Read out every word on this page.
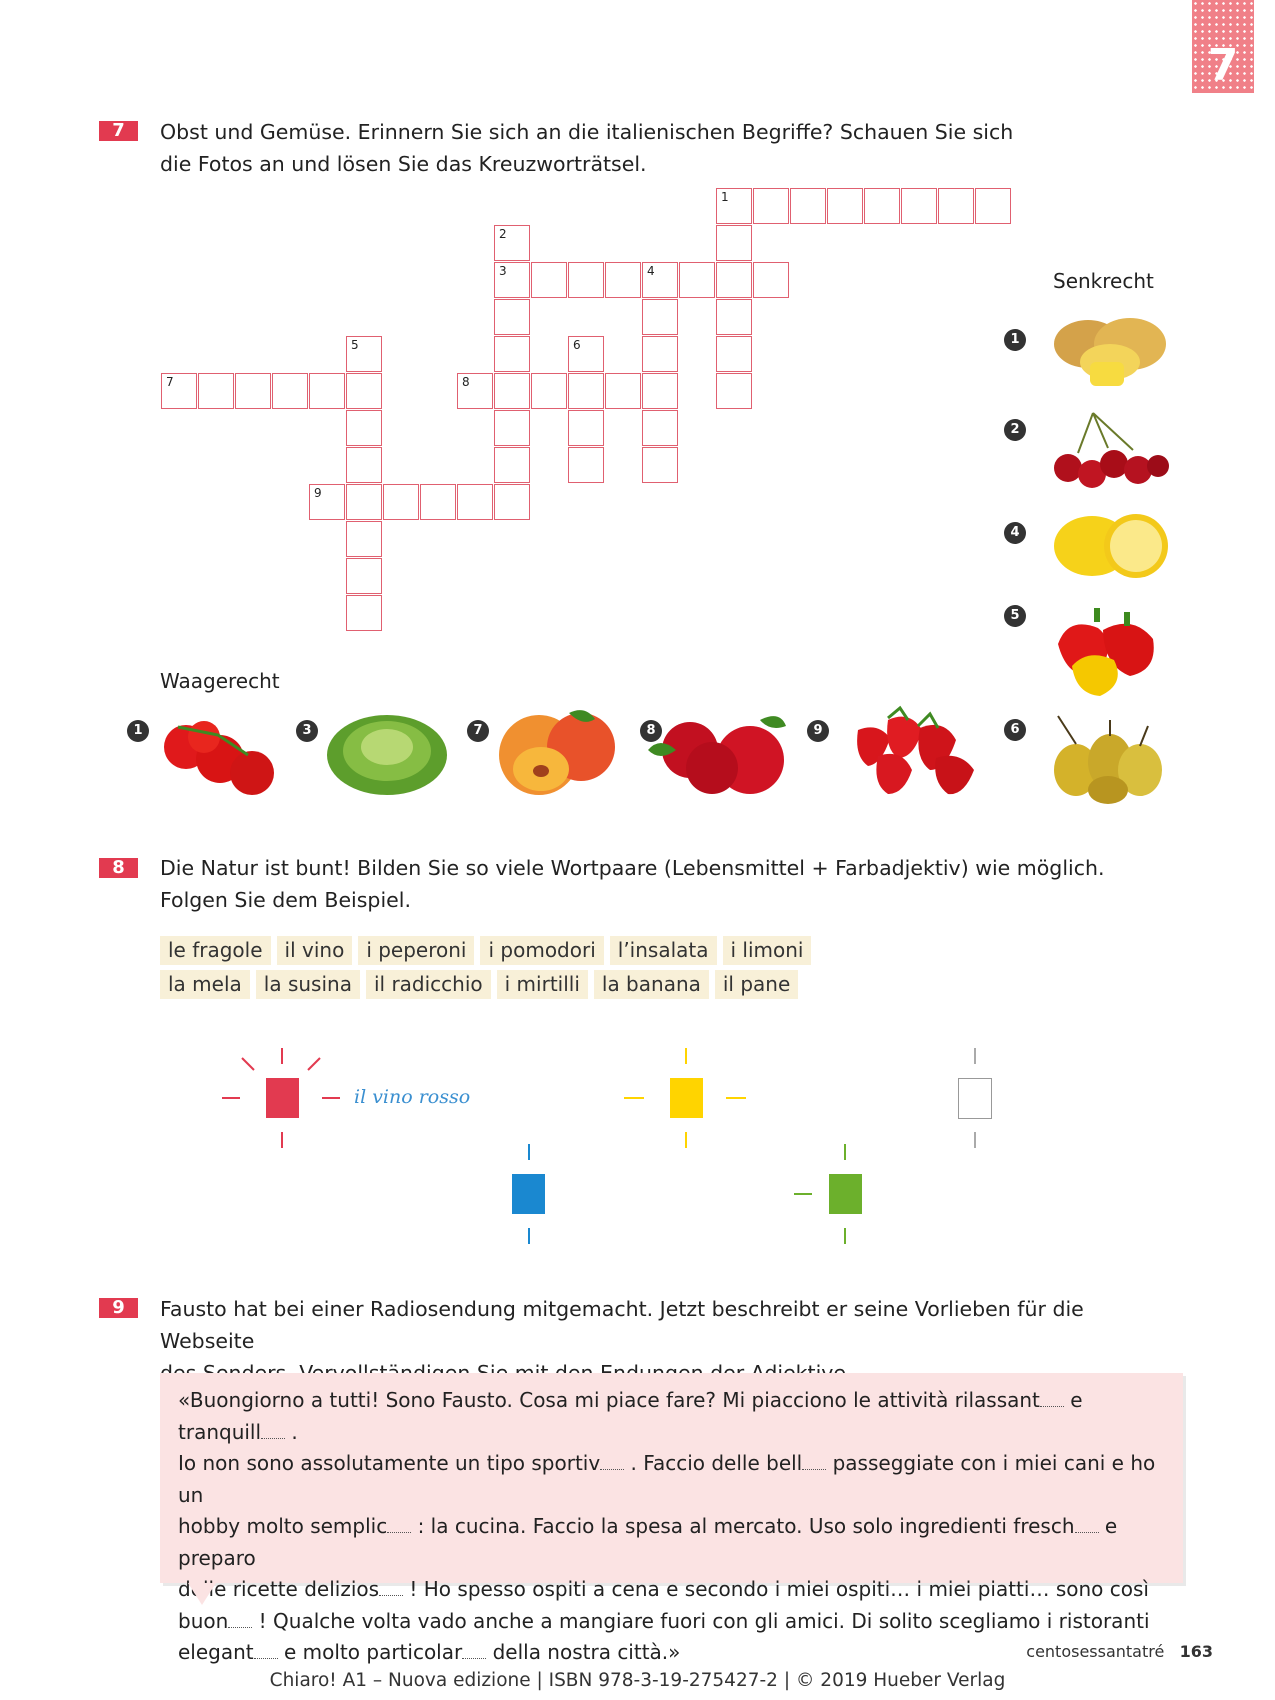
7
7	Obst und Gemüse. Erinnern Sie sich an die italienischen Begriffe? Schauen Sie sich
die Fotos an und lösen Sie das Kreuzworträtsel.
1
2
3	4
5	6
7	8
9
Senkrecht
1
2
4
5
6
Waagerecht
1	3	7	8	9
8	Die Natur ist bunt! Bilden Sie so viele Wortpaare (Lebensmittel + Farbadjektiv) wie möglich.
Folgen Sie dem Beispiel.
le fragole	il vino	i peperoni	i pomodori	l’insalata	i limoni
la mela	la susina	il radicchio	i mirtilli	la banana	il pane
il vino rosso
9	Fausto hat bei einer Radiosendung mitgemacht. Jetzt beschreibt er seine Vorlieben für die Webseite
«Buongiorno a tutti! Sono Fausto. Cosa mi piace fare? Mi piacciono le attività rilassant e tranquill .
Io non sono assolutamente un tipo sportiv . Faccio delle bell passeggiate con i miei cani e ho un
hobby molto semplic : la cucina. Faccio la spesa al mercato. Uso solo ingredienti fresch e preparo
delle ricette delizios ! Ho spesso ospiti a cena e secondo i miei ospiti… i miei piatti… sono così
buon ! Qualche volta vado anche a mangiare fuori con gli amici. Di solito scegliamo i ristoranti
elegant e molto particolar della nostra città.»	centosessantatré 163
Chiaro! A1 – Nuova edizione | ISBN 978-3-19-275427-2 | © 2019 Hueber Verlag
